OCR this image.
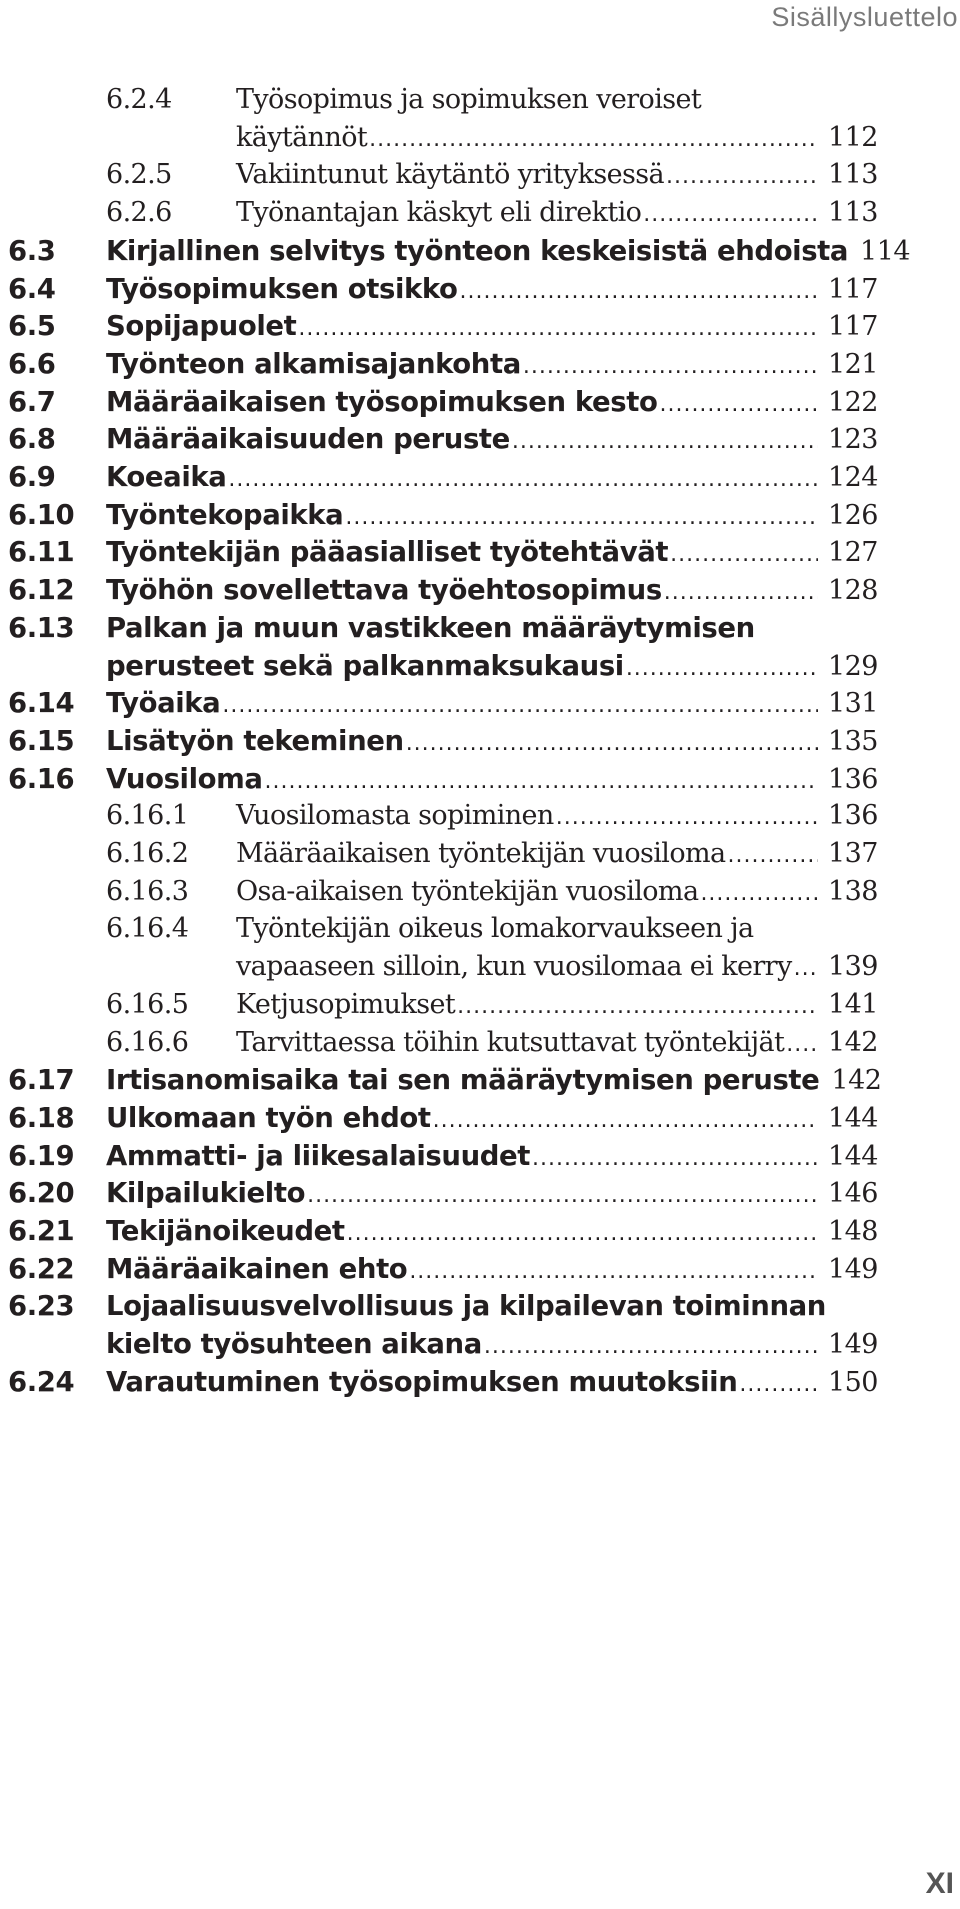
Sisällysluettelo
6.2.4 Työsopimus ja sopimuksen veroiset
käytännöt .....	112
6.2.5 Vakiintunut käytäntö yrityksessä .....	113
6.2.6 Työnantajan käskyt eli direktio .....	113
6.3 Kirjallinen selvitys työnteon keskeisistä ehdoista 114
6.4 Työsopimuksen otsikko .....	117
6.5 Sopijapuolet .....	117
6.6 Työnteon alkamisajankohta .....	121
6.7 Määräaikaisen työsopimuksen kesto .....	122
6.8 Määräaikaisuuden peruste .....	123
6.9 Koeaika .....	124
6.10 Työntekopaikka .....	126
6.11 Työntekijän pääasialliset työtehtävät .....	127
6.12 Työhön sovellettava työehtosopimus .....	128
6.13 Palkan ja muun vastikkeen määräytymisen
perusteet sekä palkanmaksukausi .....	129
6.14 Työaika .....	131
6.15 Lisätyön tekeminen .....	135
6.16 Vuosiloma .....	136
6.16.1 Vuosilomasta sopiminen .....	136
6.16.2 Määräaikaisen työntekijän vuosiloma .....	137
6.16.3 Osa-aikaisen työntekijän vuosiloma .....	138
6.16.4 Työntekijän oikeus lomakorvaukseen ja
vapaaseen silloin, kun vuosilomaa ei kerry ..... 139
6.16.5 Ketjusopimukset .....	141
6.16.6 Tarvittaessa töihin kutsuttavat työntekijät ..... 142
6.17 Irtisanomisaika tai sen määräytymisen peruste 142
6.18 Ulkomaan työn ehdot .....	144
6.19 Ammatti- ja liikesalaisuudet .....	144
6.20 Kilpailukielto .....	146
6.21 Tekijänoikeudet .....	148
6.22 Määräaikainen ehto .....	149
6.23 Lojaalisuusvelvollisuus ja kilpailevan toiminnan
kielto työsuhteen aikana .....	149
6.24 Varautuminen työsopimuksen muutoksiin .....	150
XI
